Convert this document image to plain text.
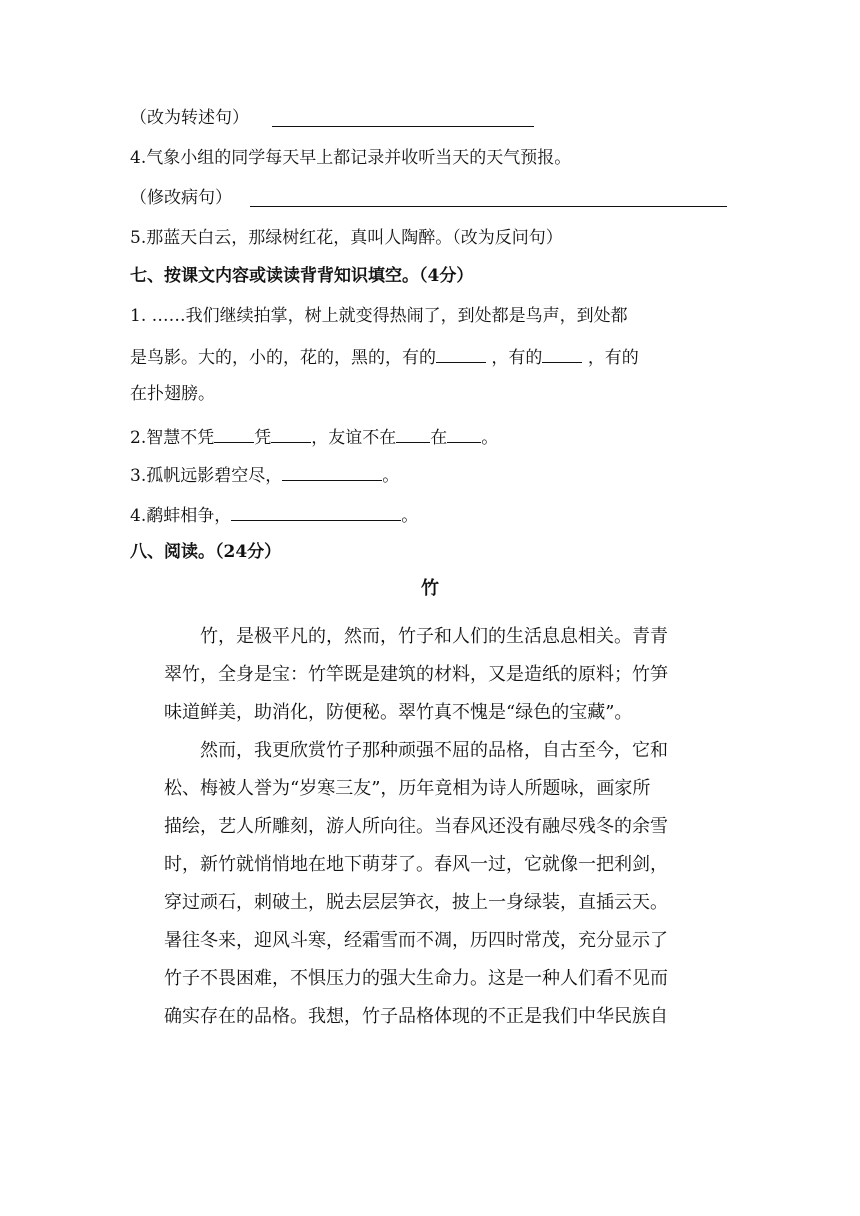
（改为转述句）
4.气象小组的同学每天早上都记录并收听当天的天气预报。
（修改病句）
5.那蓝天白云，那绿树红花，真叫人陶醉。（改为反问句）
七、按课文内容或读读背背知识填空。（4分）
1. ……我们继续拍掌，树上就变得热闹了，到处都是鸟声，到处都
是鸟影。大的，小的，花的，黑的，有的	，有的	，有的
在扑翅膀。
2.智慧不凭 凭 ，友谊不在 在 。
3.孤帆远影碧空尽，	。
4.鹬蚌相争，	。
八、阅读。（24分）
竹
竹，是极平凡的，然而，竹子和人们的生活息息相关。青青
翠竹，全身是宝：竹竿既是建筑的材料，又是造纸的原料；竹笋
味道鲜美，助消化，防便秘。翠竹真不愧是“绿色的宝藏”。
然而，我更欣赏竹子那种顽强不屈的品格，自古至今，它和
松、梅被人誉为“岁寒三友”，历年竟相为诗人所题咏，画家所
描绘，艺人所雕刻，游人所向往。当春风还没有融尽残冬的余雪
时，新竹就悄悄地在地下萌芽了。春风一过，它就像一把利剑，
穿过顽石，刺破土，脱去层层笋衣，披上一身绿装，直插云天。
暑往冬来，迎风斗寒，经霜雪而不凋，历四时常茂，充分显示了
竹子不畏困难，不惧压力的强大生命力。这是一种人们看不见而
确实存在的品格。我想，竹子品格体现的不正是我们中华民族自
